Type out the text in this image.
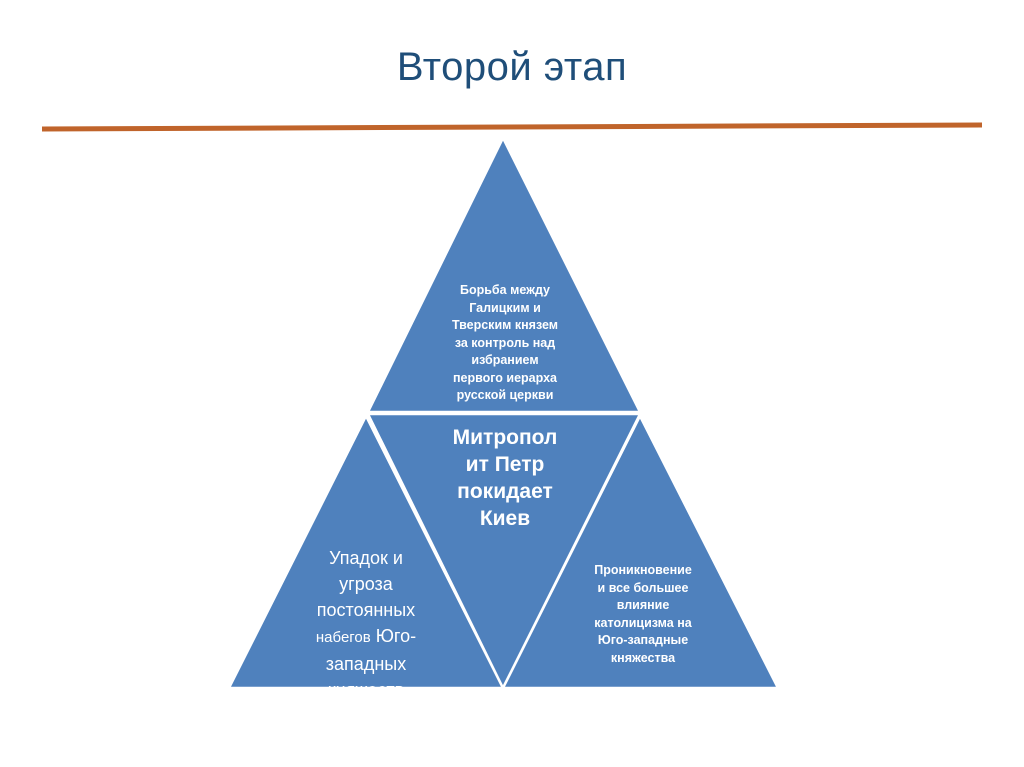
Второй этап
Борьба между
Галицким и
Тверским князем
за контроль над
избранием
первого иерарха
русской церкви
Митропол
ит Петр
покидает
Киев
Упадок и
угроза
постоянных
набегов Юго-
западных
княжеств
Проникновение
и все большее
влияние
католицизма на
Юго-западные
княжества
